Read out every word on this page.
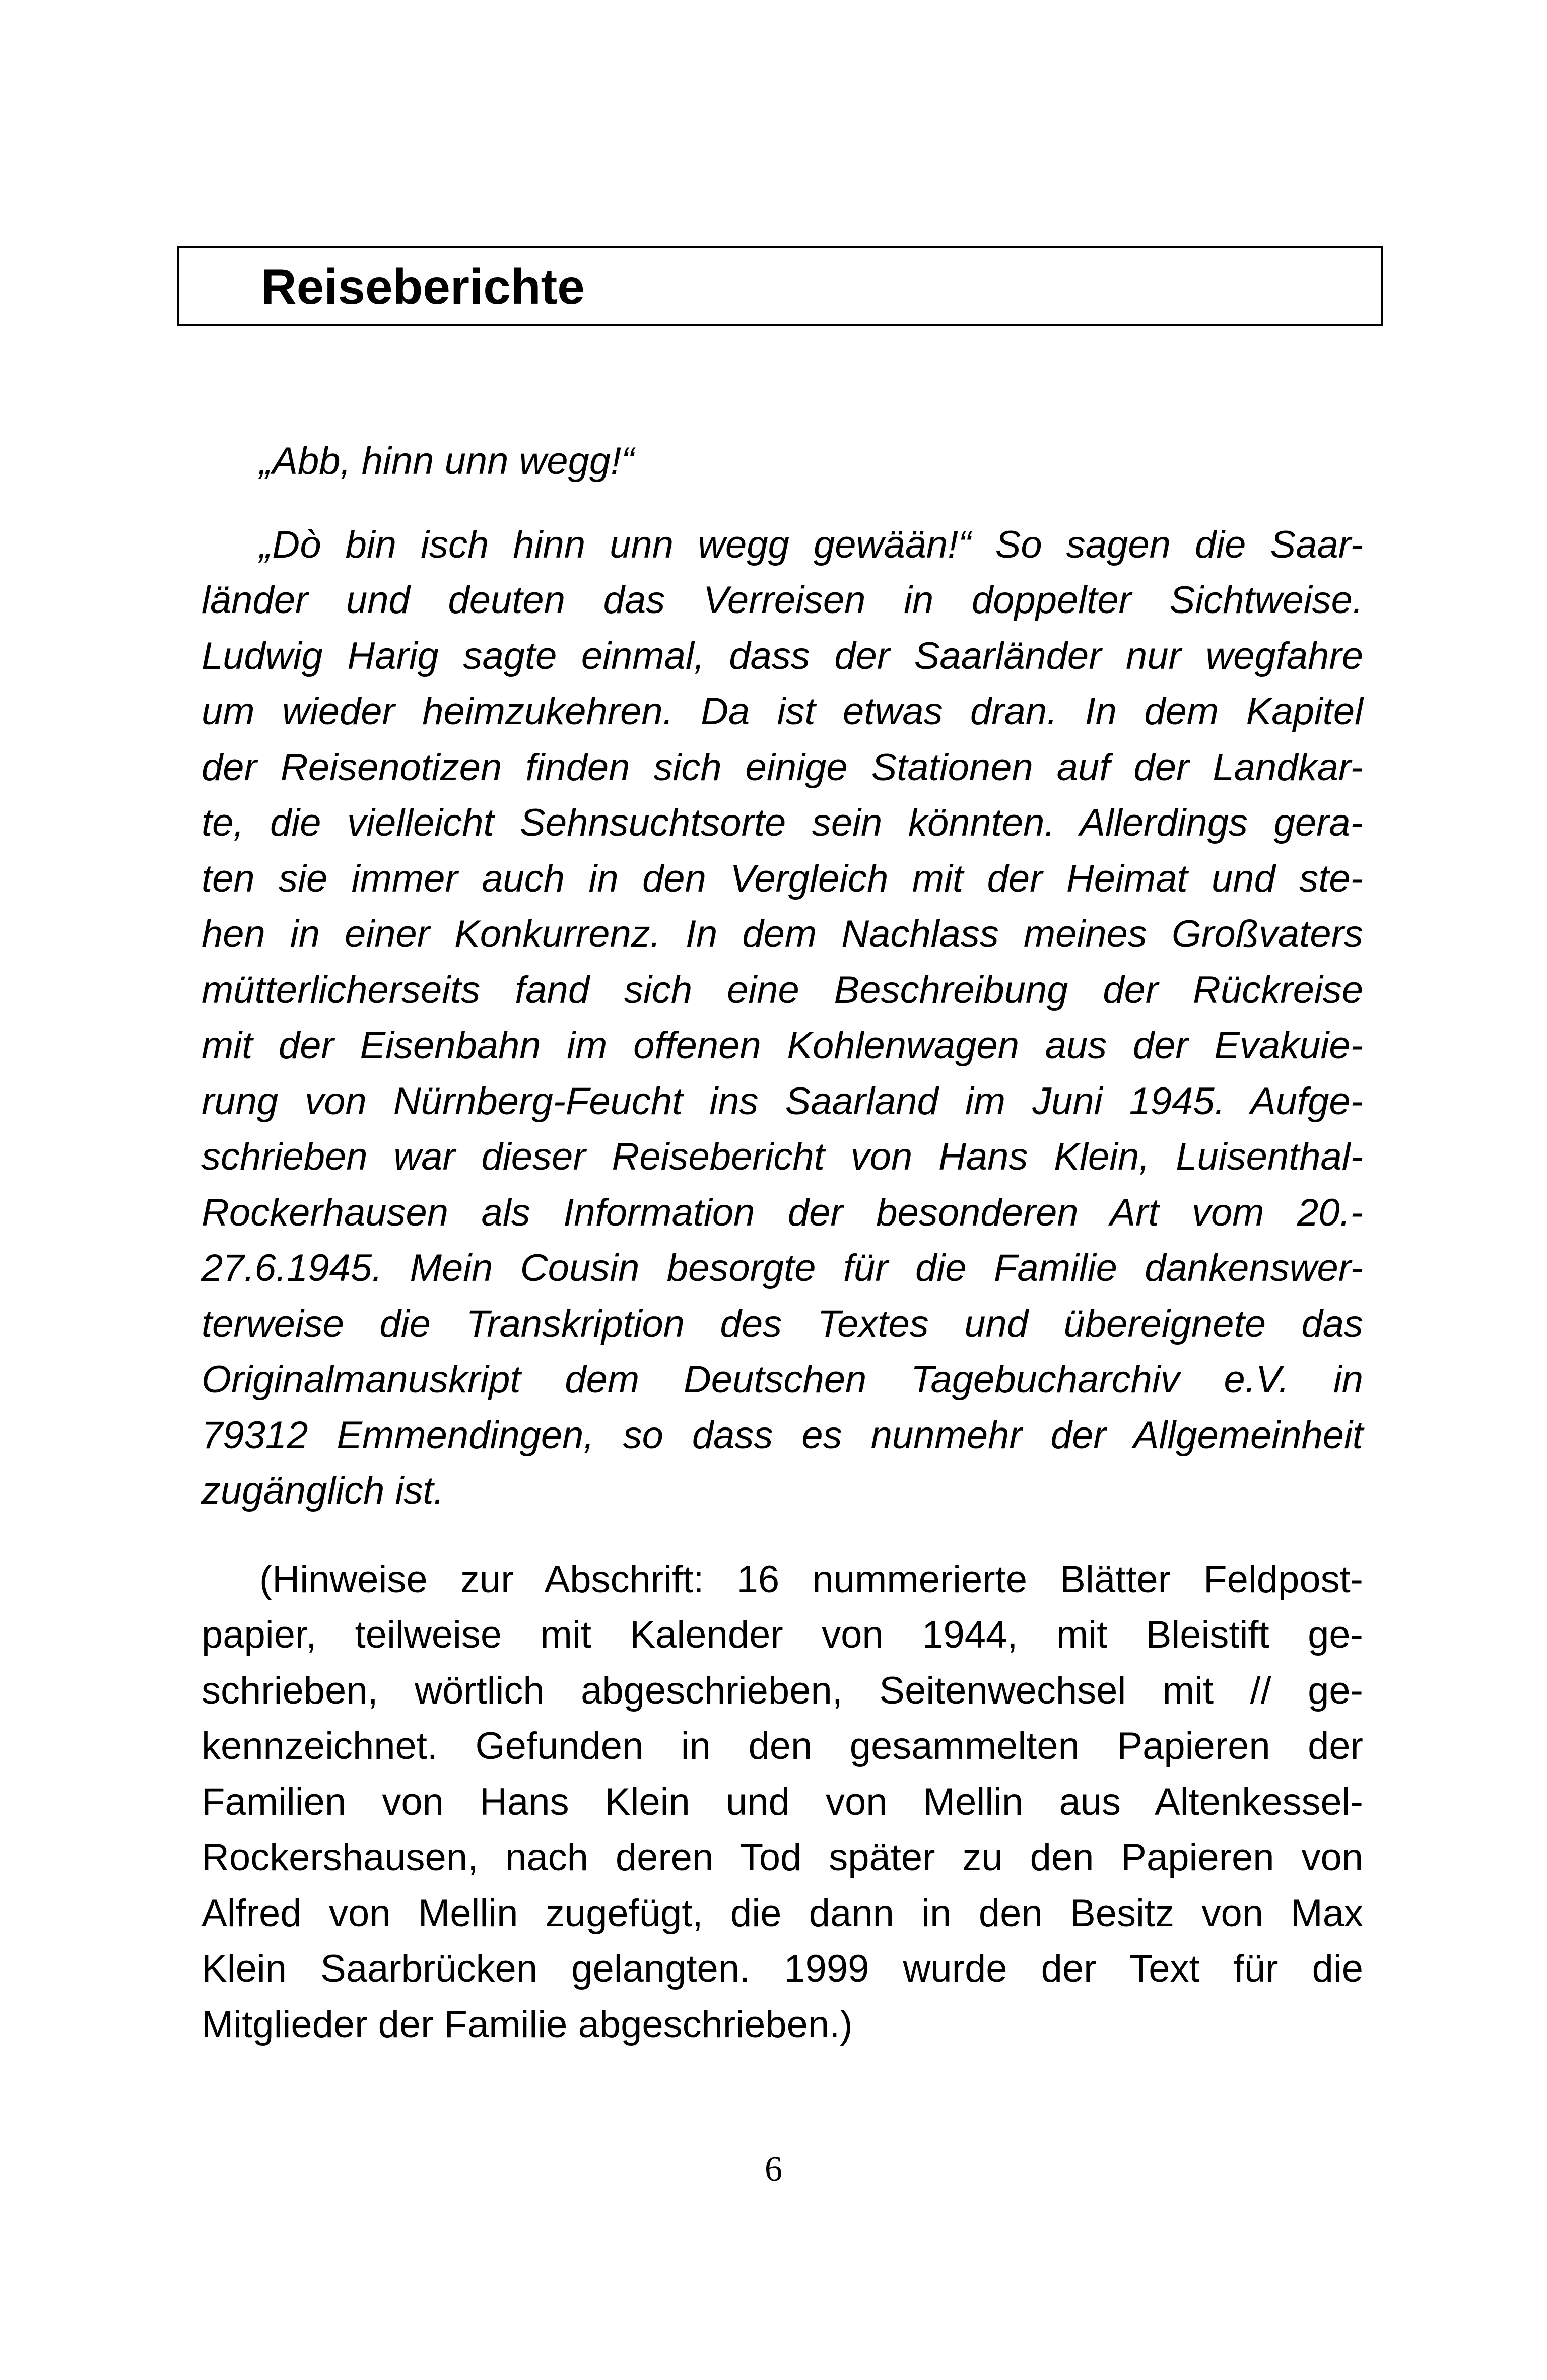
Reiseberichte
„Abb, hinn unn wegg!“
„Dò bin isch hinn unn wegg gewään!“ So sagen die Saar-
länder und deuten das Verreisen in doppelter Sichtweise.
Ludwig Harig sagte einmal, dass der Saarländer nur wegfahre
um wieder heimzukehren. Da ist etwas dran. In dem Kapitel
der Reisenotizen finden sich einige Stationen auf der Landkar-
te, die vielleicht Sehnsuchtsorte sein könnten. Allerdings gera-
ten sie immer auch in den Vergleich mit der Heimat und ste-
hen in einer Konkurrenz. In dem Nachlass meines Großvaters
mütterlicherseits fand sich eine Beschreibung der Rückreise
mit der Eisenbahn im offenen Kohlenwagen aus der Evakuie-
rung von Nürnberg-Feucht ins Saarland im Juni 1945. Aufge-
schrieben war dieser Reisebericht von Hans Klein, Luisenthal-
Rockerhausen als Information der besonderen Art vom 20.-
27.6.1945. Mein Cousin besorgte für die Familie dankenswer-
terweise die Transkription des Textes und übereignete das
Originalmanuskript dem Deutschen Tagebucharchiv e.V. in
79312 Emmendingen, so dass es nunmehr der Allgemeinheit
zugänglich ist.
(Hinweise zur Abschrift: 16 nummerierte Blätter Feldpost-
papier, teilweise mit Kalender von 1944, mit Bleistift ge-
schrieben, wörtlich abgeschrieben, Seitenwechsel mit // ge-
kennzeichnet. Gefunden in den gesammelten Papieren der
Familien von Hans Klein und von Mellin aus Altenkessel-
Rockershausen, nach deren Tod später zu den Papieren von
Alfred von Mellin zugefügt, die dann in den Besitz von Max
Klein Saarbrücken gelangten. 1999 wurde der Text für die
Mitglieder der Familie abgeschrieben.)
6
